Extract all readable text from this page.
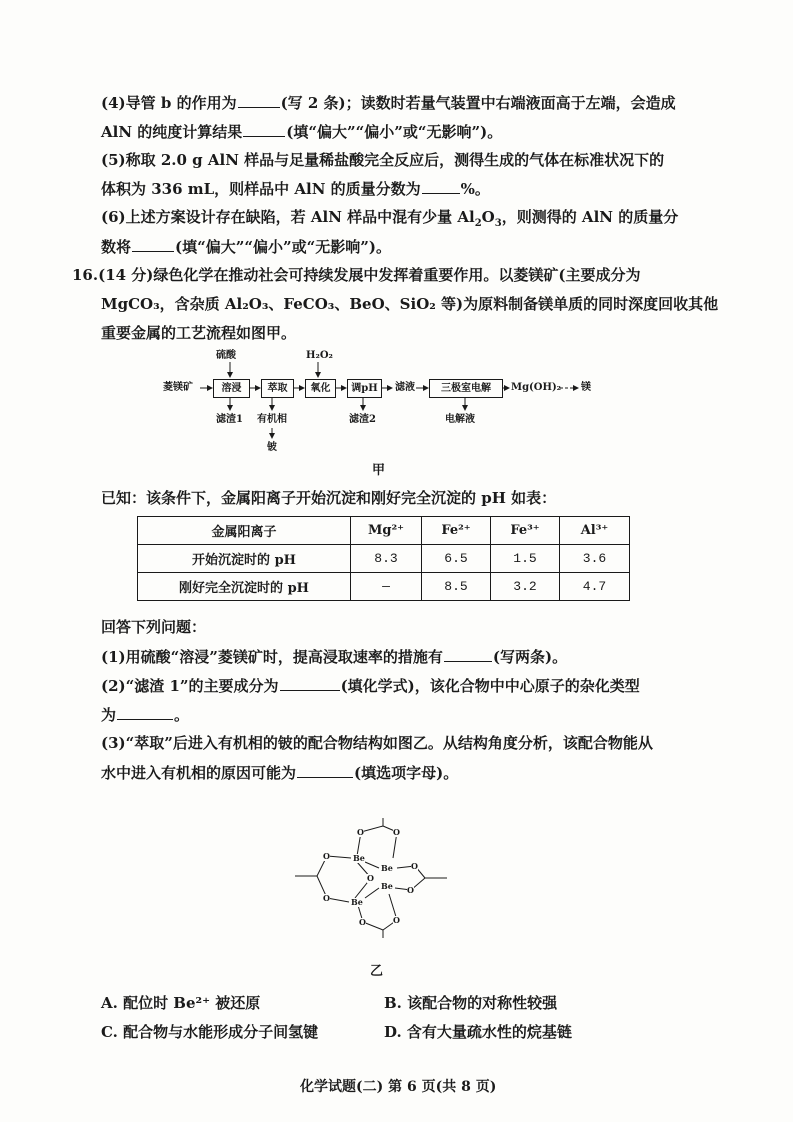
(4)导管 b 的作用为	(写 2 条)；读数时若量气装置中右端液面高于左端，会造成
AlN 的纯度计算结果	(填“偏大”“偏小”或“无影响”)。
(5)称取 2.0 g AlN 样品与足量稀盐酸完全反应后，测得生成的气体在标准状况下的
体积为 336 mL，则样品中 AlN 的质量分数为	%。
(6)上述方案设计存在缺陷，若 AlN 样品中混有少量 $Al_2O_3$，则测得的 AlN 的质量分
数将	(填“偏大”“偏小”或“无影响”)。
16.(14 分)绿色化学在推动社会可持续发展中发挥着重要作用。以菱镁矿(主要成分为
MgCO₃，含杂质 Al₂O₃、FeCO₃、BeO、SiO₂ 等)为原料制备镁单质的同时深度回收其他
重要金属的工艺流程如图甲。
硫酸	H₂O₂
菱镁矿	溶浸	萃取	氧化	调pH	滤液	三极室电解	Mg(OH)₂ 镁
滤渣1 有机相
铍
滤渣2	电解液
甲
已知：该条件下，金属阳离子开始沉淀和刚好完全沉淀的 pH 如表：
金属阳离子	Mg²⁺	Fe²⁺	Fe³⁺	Al³⁺
开始沉淀时的 pH	8.3	6.5	1.5	3.6
刚好完全沉淀时的 pH	—	8.5	3.2	4.7
回答下列问题：
(1)用硫酸“溶浸”菱镁矿时，提高浸取速率的措施有	(写两条)。
(2)“滤渣 1”的主要成分为	(填化学式)，该化合物中中心原子的杂化类型
为	。
(3)“萃取”后进入有机相的铍的配合物结构如图乙。从结构角度分析，该配合物能从
水中进入有机相的原因可能为	(填选项字母)。
Be
Be
Be
Be
O	O
O
O
O
O
O
O	O
乙
A. 配位时 Be²⁺ 被还原	B. 该配合物的对称性较强
C. 配合物与水能形成分子间氢键	D. 含有大量疏水性的烷基链
化学试题(二) 第 6 页(共 8 页)
